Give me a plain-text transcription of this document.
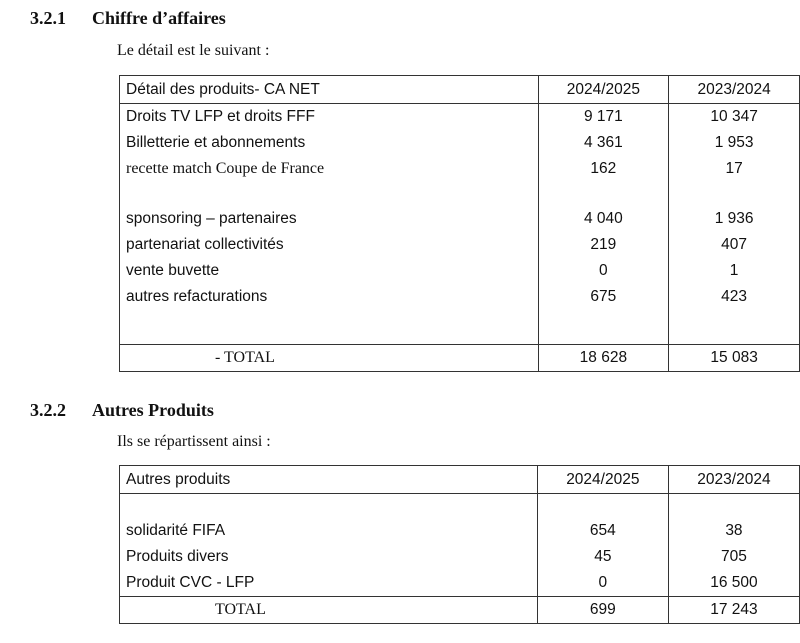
3.2.1 Chiffre d’affaires
Le détail est le suivant :
Détail des produits- CA NET	2024/2025	2023/2024
Droits TV LFP et droits FFF	9 171	10 347
Billetterie et abonnements	4 361	1 953
recette match Coupe de France	162	17

sponsoring – partenaires	4 040	1 936
partenariat collectivités	219	407
vente buvette	0	1
autres refacturations	675	423

- TOTAL	18 628	15 083
3.2.2 Autres Produits
Ils se répartissent ainsi :
Autres produits	2024/2025	2023/2024

solidarité FIFA	654	38
Produits divers	45	705
Produit CVC - LFP	0	16 500
TOTAL	699	17 243
